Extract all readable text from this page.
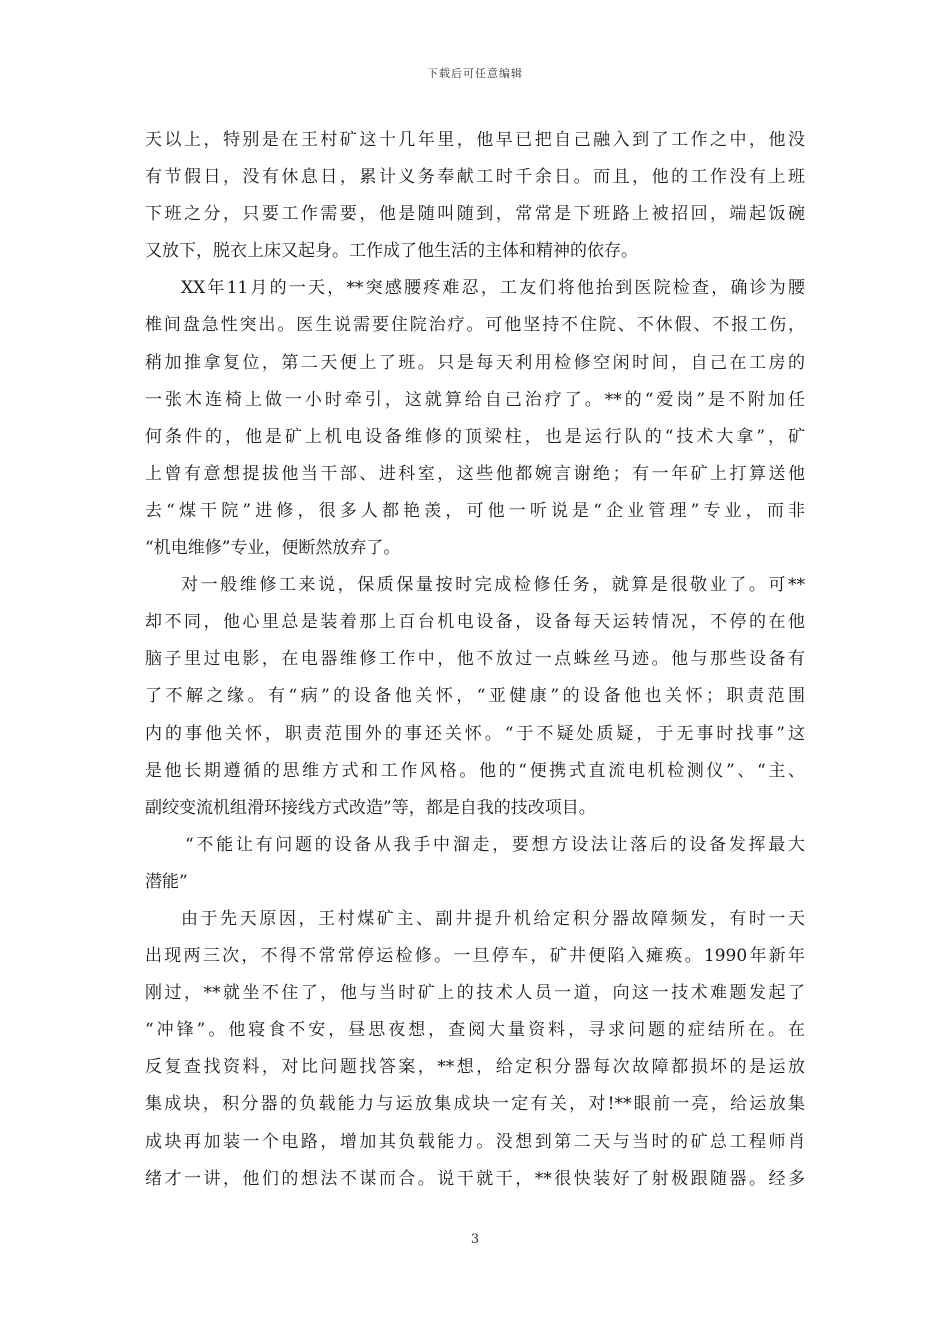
下载后可任意编辑
天以上，特别是在王村矿这十几年里，他早已把自己融入到了工作之中，他没
有节假日，没有休息日，累计义务奉献工时千余日。而且，他的工作没有上班
下班之分，只要工作需要，他是随叫随到，常常是下班路上被招回，端起饭碗
又放下，脱衣上床又起身。工作成了他生活的主体和精神的依存。
XX年11月的一天，**突感腰疼难忍，工友们将他抬到医院检查，确诊为腰
椎间盘急性突出。医生说需要住院治疗。可他坚持不住院、不休假、不报工伤，
稍加推拿复位，第二天便上了班。只是每天利用检修空闲时间，自己在工房的
一张木连椅上做一小时牵引，这就算给自己治疗了。**的“爱岗”是不附加任
何条件的，他是矿上机电设备维修的顶梁柱，也是运行队的“技术大拿”，矿
上曾有意想提拔他当干部、进科室，这些他都婉言谢绝；有一年矿上打算送他
去“煤干院”进修，很多人都艳羡，可他一听说是“企业管理”专业，而非
“机电维修”专业，便断然放弃了。
对一般维修工来说，保质保量按时完成检修任务，就算是很敬业了。可**
却不同，他心里总是装着那上百台机电设备，设备每天运转情况，不停的在他
脑子里过电影，在电器维修工作中，他不放过一点蛛丝马迹。他与那些设备有
了不解之缘。有“病”的设备他关怀，“亚健康”的设备他也关怀；职责范围
内的事他关怀，职责范围外的事还关怀。“于不疑处质疑，于无事时找事”这
是他长期遵循的思维方式和工作风格。他的“便携式直流电机检测仪”、“主、
副绞变流机组滑环接线方式改造”等，都是自我的技改项目。
“不能让有问题的设备从我手中溜走，要想方设法让落后的设备发挥最大
潜能”
由于先天原因，王村煤矿主、副井提升机给定积分器故障频发，有时一天
出现两三次，不得不常常停运检修。一旦停车，矿井便陷入瘫痪。1990年新年
刚过，**就坐不住了，他与当时矿上的技术人员一道，向这一技术难题发起了
“冲锋”。他寝食不安，昼思夜想，查阅大量资料，寻求问题的症结所在。在
反复查找资料，对比问题找答案，**想，给定积分器每次故障都损坏的是运放
集成块，积分器的负载能力与运放集成块一定有关，对!**眼前一亮，给运放集
成块再加装一个电路，增加其负载能力。没想到第二天与当时的矿总工程师肖
绪才一讲，他们的想法不谋而合。说干就干，**很快装好了射极跟随器。经多
3
